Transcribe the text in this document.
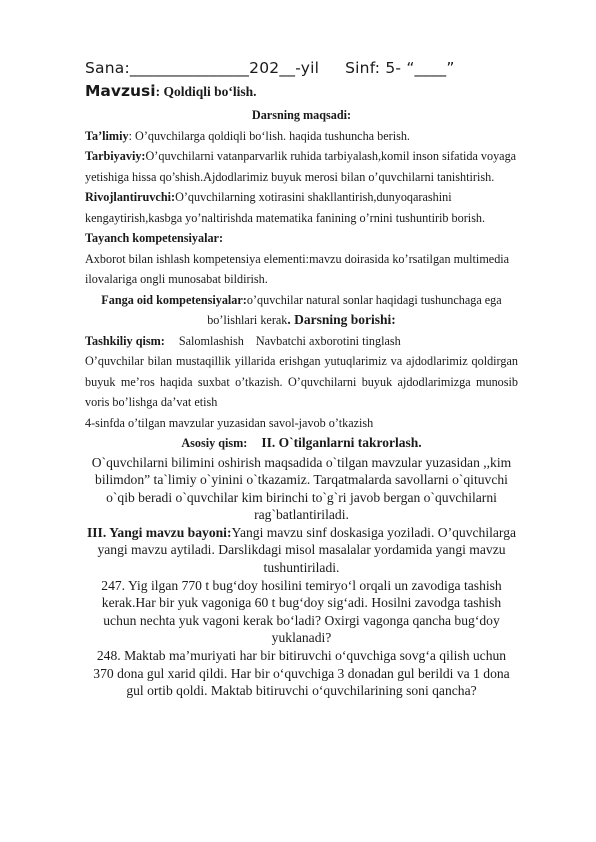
Sana:_______________202__-yil Sinf: 5- “____”
Mavzusi: Qoldiqli bo‘lish.

Darsning maqsadi:

Ta’limiy: O’quvchilarga qoldiqli bo‘lish. haqida tushuncha berish.

Tarbiyaviy:O’quvchilarni vatanparvarlik ruhida tarbiyalash,komil inson sifatida voyaga yetishiga hissa qo’shish.Ajdodlarimiz buyuk merosi bilan o’quvchilarni tanishtirish.

Rivojlantiruvchi:O’quvchilarning xotirasini shakllantirish,dunyoqarashini kengaytirish,kasbga yo’naltirishda matematika fanining o’rnini tushuntirib borish.

Tayanch kompetensiyalar:

Axborot bilan ishlash kompetensiya elementi:mavzu doirasida ko’rsatilgan multimedia ilovalariga ongli munosabat bildirish.

Fanga oid kompetensiyalar:o’quvchilar natural sonlar haqidagi tushunchaga ega

bo’lishlari kerak. Darsning borishi:

Tashkiliy qism: Salomlashish Navbatchi axborotini tinglash

O’quvchilar bilan mustaqillik yillarida erishgan yutuqlarimiz va ajdodlarimiz qoldirgan buyuk me’ros haqida suxbat o’tkazish. O’quvchilarni buyuk ajdodlarimizga munosib voris bo’lishga da’vat etish

4-sinfda o’tilgan mavzular yuzasidan savol-javob o’tkazish

Asosiy qism: II. O`tilganlarni takrorlash.

O`quvchilarni bilimini oshirish maqsadida o`tilgan mavzular yuzasidan ,,kim bilimdon” ta`limiy o`yinini o`tkazamiz. Tarqatmalarda savollarni o`qituvchi o`qib beradi o`quvchilar kim birinchi to`g`ri javob bergan o`quvchilarni rag`batlantiriladi.

III. Yangi mavzu bayoni:Yangi mavzu sinf doskasiga yoziladi. O’quvchilarga yangi mavzu aytiladi. Darslikdagi misol masalalar yordamida yangi mavzu tushuntiriladi.

247. Yig ilgan 770 t bug‘doy hosilini temiryo‘l orqali un zavodiga tashish kerak.Har bir yuk vagoniga 60 t bug‘doy sig‘adi. Hosilni zavodga tashish uchun nechta yuk vagoni kerak bo‘ladi? Oxirgi vagonga qancha bug‘doy yuklanadi?

248. Maktab ma’muriyati har bir bitiruvchi o‘quvchiga sovg‘a qilish uchun 370 dona gul xarid qildi. Har bir o‘quvchiga 3 donadan gul berildi va 1 dona gul ortib qoldi. Maktab bitiruvchi o‘quvchilarining soni qancha?
